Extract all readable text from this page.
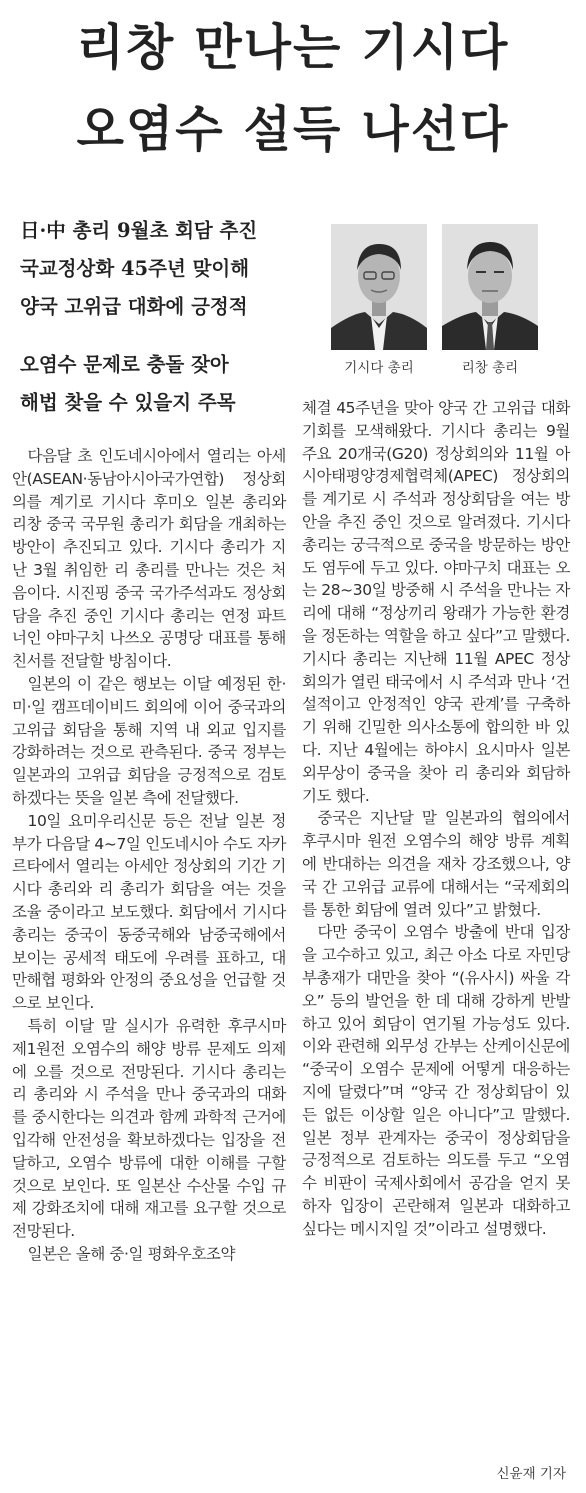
리창 만나는 기시다
오염수 설득 나선다

日·中 총리 9월초 회담 추진

국교정상화 45주년 맞이해

양국 고위급 대화에 긍정적

오염수 문제로 충돌 잦아

해법 찾을 수 있을지 주목

기시다 총리	리창 총리

다음달 초 인도네시아에서 열리는 아세안(ASEAN·동남아시아국가연합) 정상회의를 계기로 기시다 후미오 일본 총리와 리창 중국 국무원 총리가 회담을 개최하는 방안이 추진되고 있다. 기시다 총리가 지난 3월 취임한 리 총리를 만나는 것은 처음이다. 시진핑 중국 국가주석과도 정상회담을 추진 중인 기시다 총리는 연정 파트너인 야마구치 나쓰오 공명당 대표를 통해 친서를 전달할 방침이다.

일본의 이 같은 행보는 이달 예정된 한·미·일 캠프데이비드 회의에 이어 중국과의 고위급 회담을 통해 지역 내 외교 입지를 강화하려는 것으로 관측된다. 중국 정부는 일본과의 고위급 회담을 긍정적으로 검토하겠다는 뜻을 일본 측에 전달했다.

10일 요미우리신문 등은 전날 일본 정부가 다음달 4~7일 인도네시아 수도 자카르타에서 열리는 아세안 정상회의 기간 기시다 총리와 리 총리가 회담을 여는 것을 조율 중이라고 보도했다. 회담에서 기시다 총리는 중국이 동중국해와 남중국해에서 보이는 공세적 태도에 우려를 표하고, 대만해협 평화와 안정의 중요성을 언급할 것으로 보인다.

특히 이달 말 실시가 유력한 후쿠시마 제1원전 오염수의 해양 방류 문제도 의제에 오를 것으로 전망된다. 기시다 총리는 리 총리와 시 주석을 만나 중국과의 대화를 중시한다는 의견과 함께 과학적 근거에 입각해 안전성을 확보하겠다는 입장을 전달하고, 오염수 방류에 대한 이해를 구할 것으로 보인다. 또 일본산 수산물 수입 규제 강화조치에 대해 재고를 요구할 것으로 전망된다.

일본은 올해 중·일 평화우호조약

체결 45주년을 맞아 양국 간 고위급 대화 기회를 모색해왔다. 기시다 총리는 9월 주요 20개국(G20) 정상회의와 11월 아시아태평양경제협력체(APEC) 정상회의를 계기로 시 주석과 정상회담을 여는 방안을 추진 중인 것으로 알려졌다. 기시다 총리는 궁극적으로 중국을 방문하는 방안도 염두에 두고 있다. 야마구치 대표는 오는 28~30일 방중해 시 주석을 만나는 자리에 대해 “정상끼리 왕래가 가능한 환경을 정돈하는 역할을 하고 싶다”고 말했다. 기시다 총리는 지난해 11월 APEC 정상회의가 열린 태국에서 시 주석과 만나 ‘건설적이고 안정적인 양국 관계’를 구축하기 위해 긴밀한 의사소통에 합의한 바 있다. 지난 4월에는 하야시 요시마사 일본 외무상이 중국을 찾아 리 총리와 회담하기도 했다.

중국은 지난달 말 일본과의 협의에서 후쿠시마 원전 오염수의 해양 방류 계획에 반대하는 의견을 재차 강조했으나, 양국 간 고위급 교류에 대해서는 “국제회의를 통한 회담에 열려 있다”고 밝혔다.

다만 중국이 오염수 방출에 반대 입장을 고수하고 있고, 최근 아소 다로 자민당 부총재가 대만을 찾아 “(유사시) 싸울 각오” 등의 발언을 한 데 대해 강하게 반발하고 있어 회담이 연기될 가능성도 있다. 이와 관련해 외무성 간부는 산케이신문에 “중국이 오염수 문제에 어떻게 대응하는지에 달렸다”며 “양국 간 정상회담이 있든 없든 이상할 일은 아니다”고 말했다. 일본 정부 관계자는 중국이 정상회담을 긍정적으로 검토하는 의도를 두고 “오염수 비판이 국제사회에서 공감을 얻지 못하자 입장이 곤란해져 일본과 대화하고 싶다는 메시지일 것”이라고 설명했다.

신윤재 기자
